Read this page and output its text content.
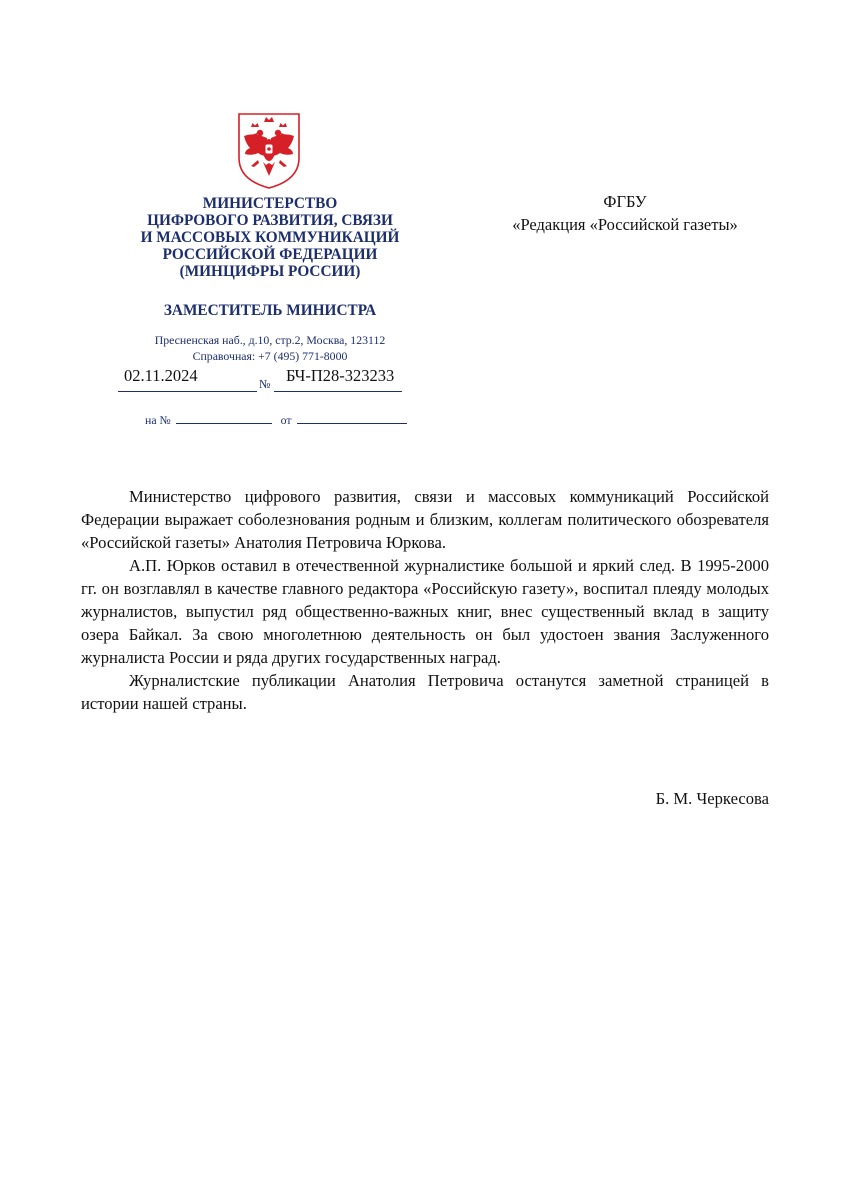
МИНИСТЕРСТВО
ЦИФРОВОГО РАЗВИТИЯ, СВЯЗИ
И МАССОВЫХ КОММУНИКАЦИЙ
РОССИЙСКОЙ ФЕДЕРАЦИИ
(МИНЦИФРЫ РОССИИ)
ЗАМЕСТИТЕЛЬ МИНИСТРА
Пресненская наб., д.10, стр.2, Москва, 123112
Справочная: +7 (495) 771-8000
02.11.2024	№ БЧ-П28-323233
на №	от
ФГБУ
«Редакция «Российской газеты»

Министерство цифрового развития, связи и массовых коммуникаций Российской Федерации выражает соболезнования родным и близким, коллегам политического обозревателя «Российской газеты» Анатолия Петровича Юркова.

А.П. Юрков оставил в отечественной журналистике большой и яркий след. В 1995-2000 гг. он возглавлял в качестве главного редактора «Российскую газету», воспитал плеяду молодых журналистов, выпустил ряд общественно-важных книг, внес существенный вклад в защиту озера Байкал. За свою многолетнюю деятельность он был удостоен звания Заслуженного журналиста России и ряда других государственных наград.

Журналистские публикации Анатолия Петровича останутся заметной страницей в истории нашей страны.

Б. М. Черкесова
